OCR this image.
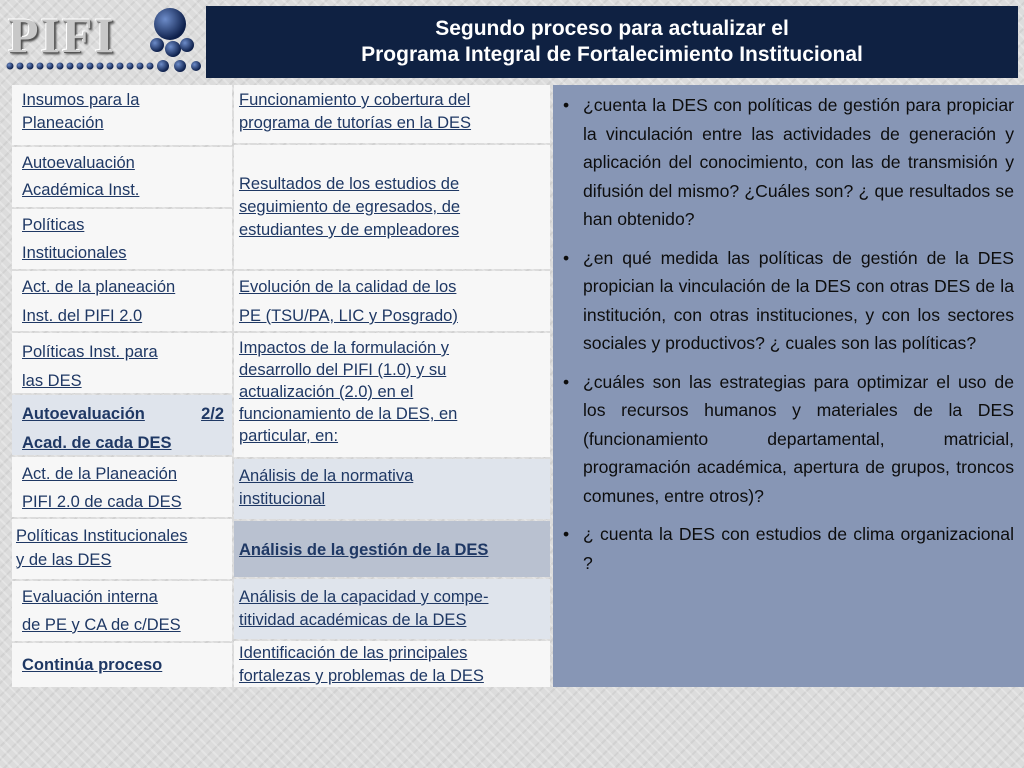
PIFI	Segundo proceso para actualizar el
Programa Integral de Fortalecimiento Institucional
Insumos para la
Planeación
Autoevaluación
Académica Inst.
Políticas
Institucionales
Act. de la planeación
Inst. del PIFI 2.0
Políticas Inst. para
las DES
Autoevaluación	2/2
Acad. de cada DES
Act. de la Planeación
PIFI 2.0 de cada DES
Políticas Institucionales
y de las DES
Evaluación interna
de PE y CA de c/DES
Continúa proceso
Funcionamiento y cobertura del
programa de tutorías en la DES
Resultados de los estudios de
seguimiento de egresados, de
estudiantes y de empleadores
Evolución de la calidad de los
PE (TSU/PA, LIC y Posgrado)
Impactos de la formulación y
desarrollo del PIFI (1.0) y su
actualización (2.0) en el
funcionamiento de la DES, en
particular, en:
Análisis de la normativa
institucional
Análisis de la gestión de la DES
Análisis de la capacidad y compe-
titividad académicas de la DES
Identificación de las principales
fortalezas y problemas de la DES
• ¿cuenta la DES con políticas de gestión para propiciar la vinculación entre las actividades de generación y aplicación del conocimiento, con las de transmisión y difusión del mismo? ¿Cuáles son? ¿ que resultados se han obtenido?
• ¿en qué medida las políticas de gestión de la DES propician la vinculación de la DES con otras DES de la institución, con otras instituciones, y con los sectores sociales y productivos? ¿ cuales son las políticas?
• ¿cuáles son las estrategias para optimizar el uso de los recursos humanos y materiales de la DES (funcionamiento departamental, matricial, programación académica, apertura de grupos, troncos comunes, entre otros)?
• ¿ cuenta la DES con estudios de clima organizacional ?
